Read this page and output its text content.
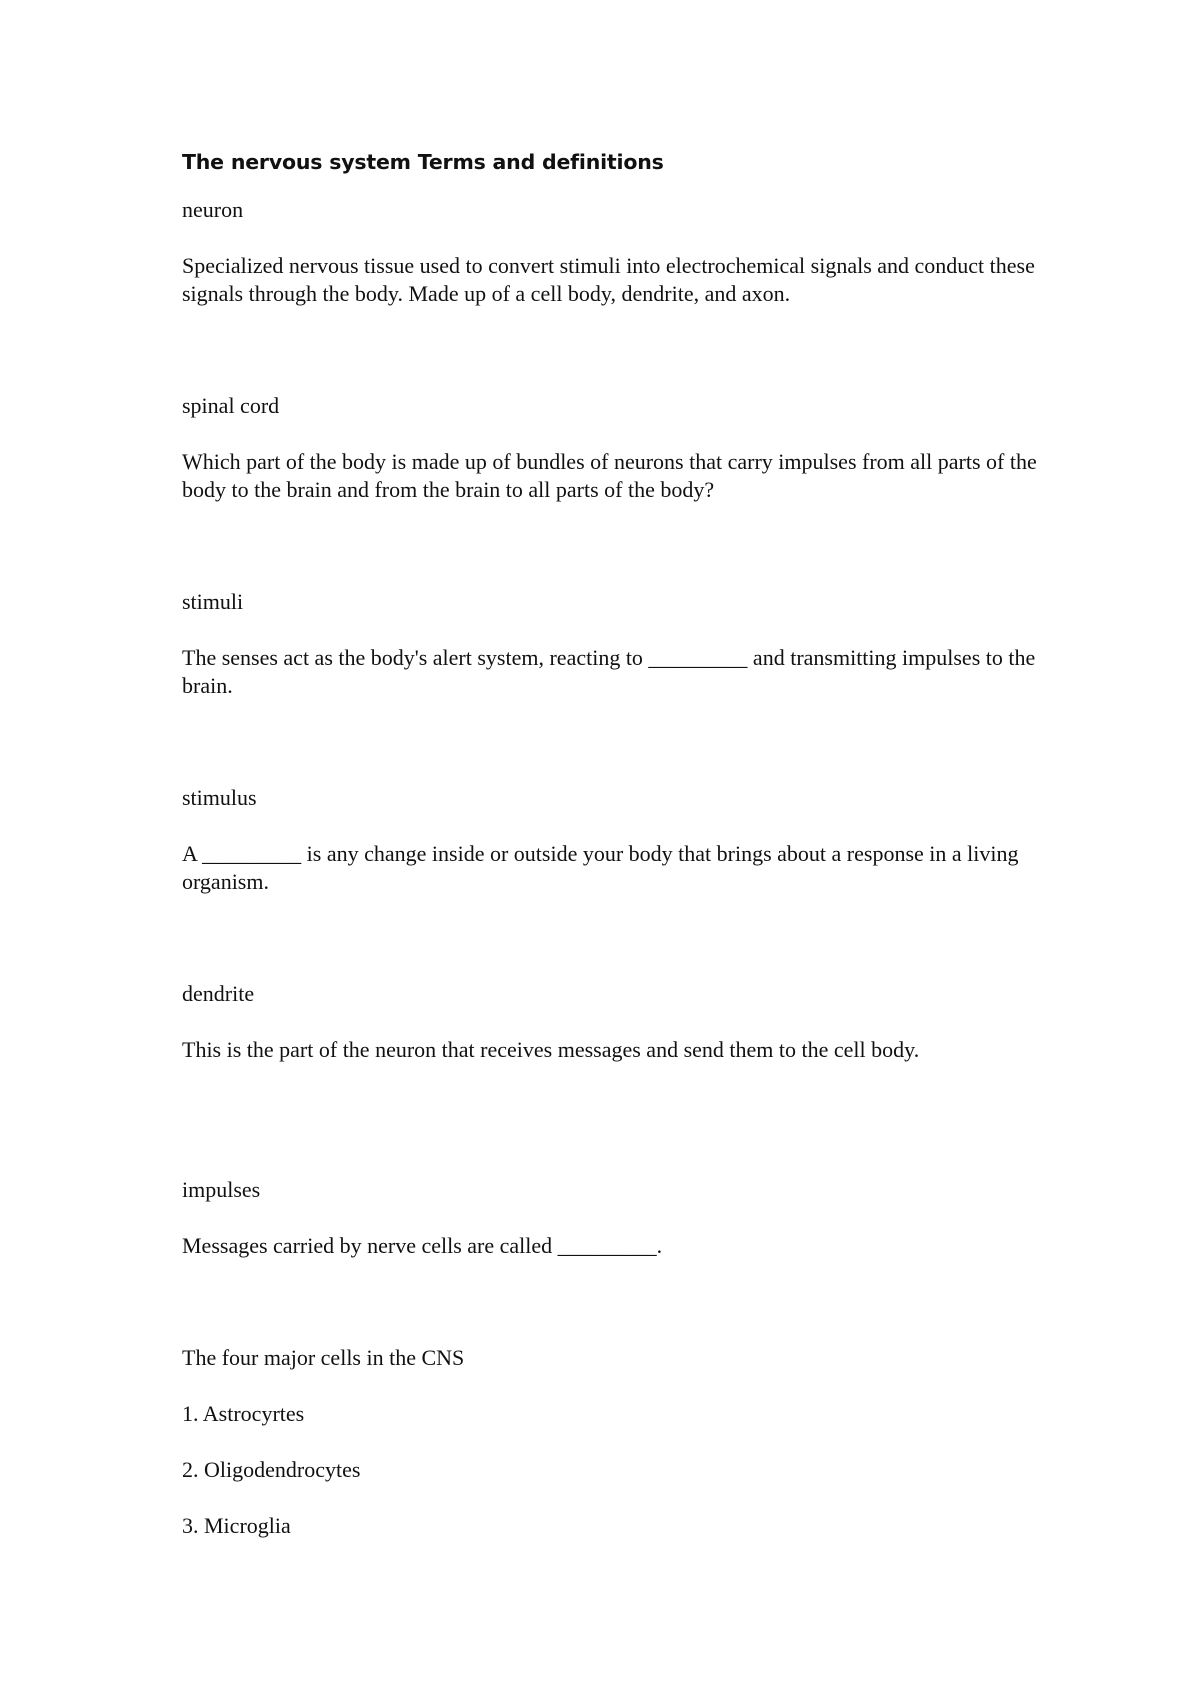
The nervous system Terms and definitions

neuron

Specialized nervous tissue used to convert stimuli into electrochemical signals and conduct these signals through the body. Made up of a cell body, dendrite, and axon.

spinal cord

Which part of the body is made up of bundles of neurons that carry impulses from all parts of the body to the brain and from the brain to all parts of the body?

stimuli

The senses act as the body's alert system, reacting to _________ and transmitting impulses to the brain.

stimulus

A _________ is any change inside or outside your body that brings about a response in a living organism.

dendrite

This is the part of the neuron that receives messages and send them to the cell body.

impulses

Messages carried by nerve cells are called _________.

The four major cells in the CNS

1. Astrocyrtes

2. Oligodendrocytes

3. Microglia
